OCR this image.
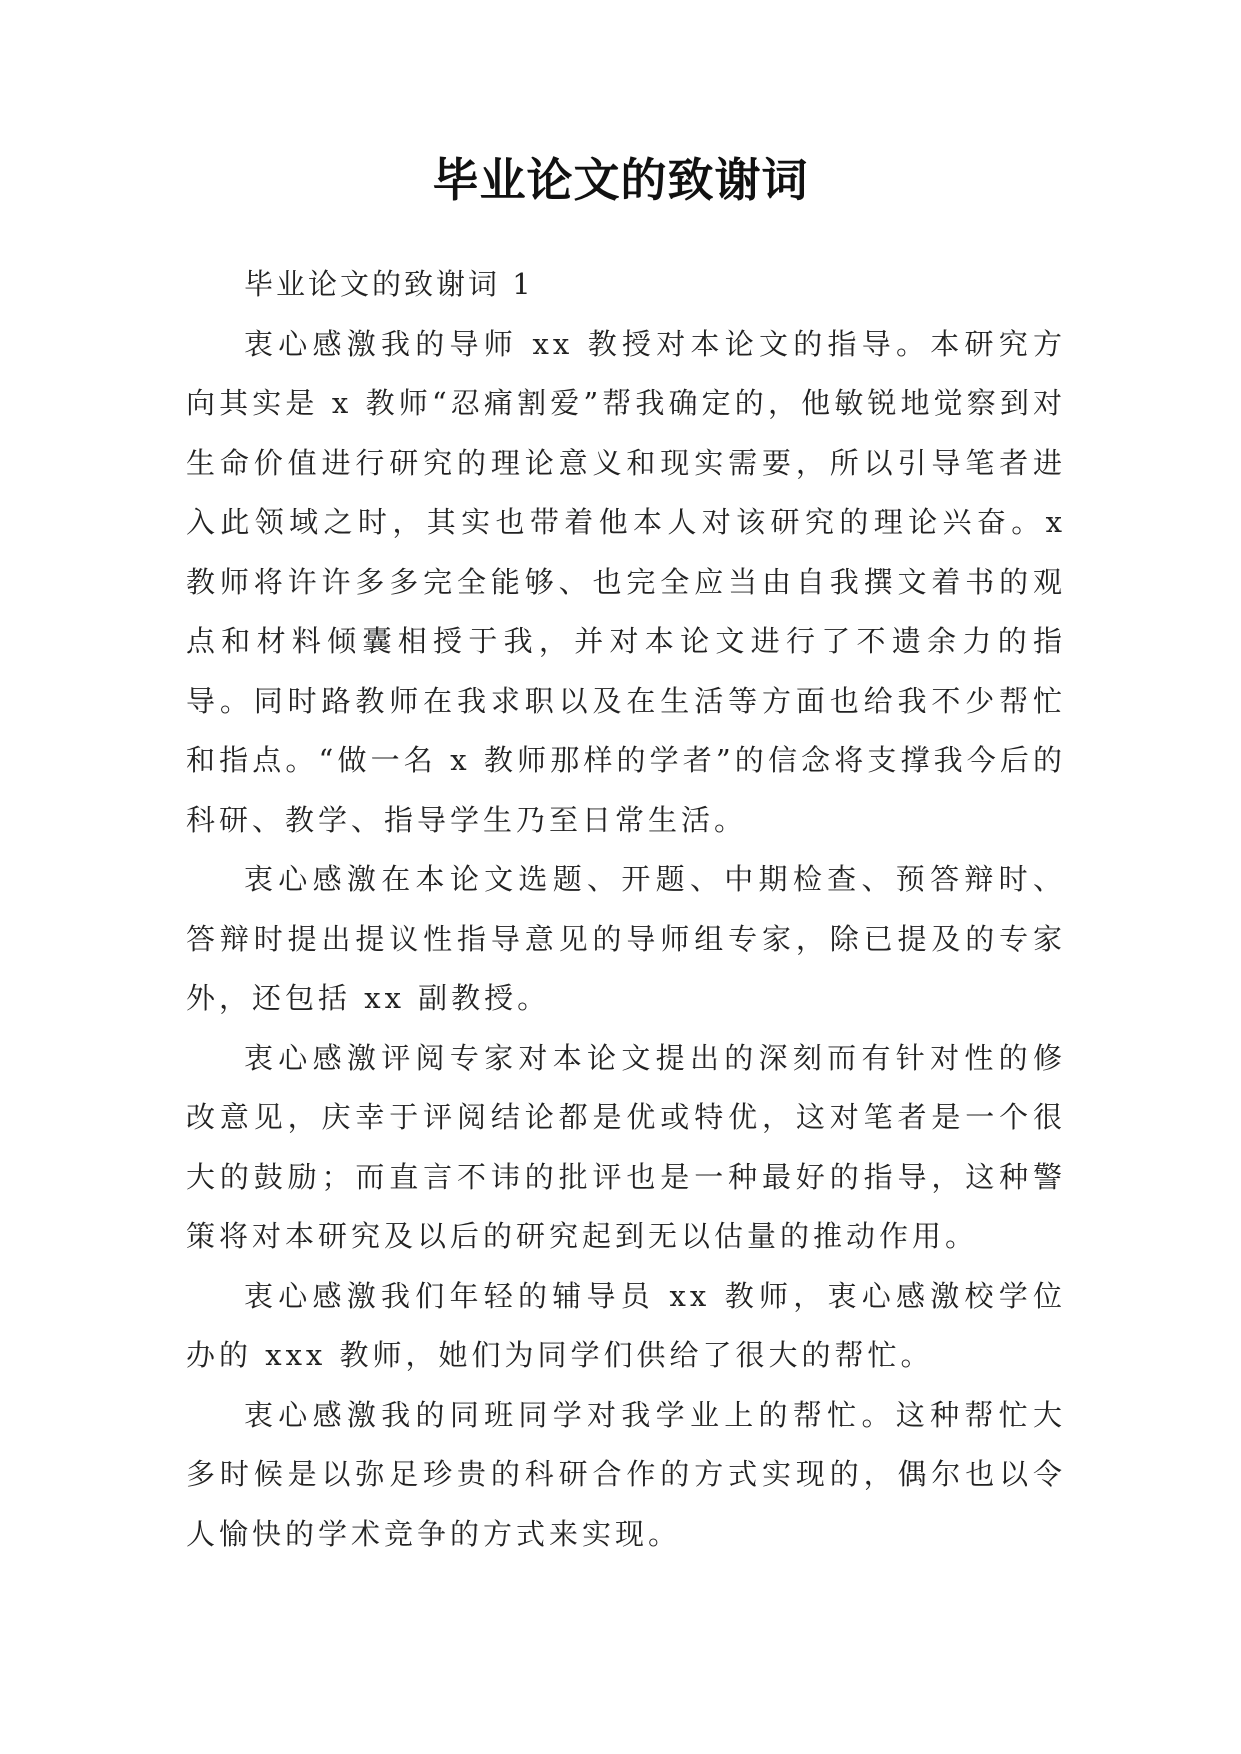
毕业论文的致谢词

毕业论文的致谢词 1

衷心感激我的导师 xx 教授对本论文的指导。本研究方向其实是 x 教师“忍痛割爱”帮我确定的，他敏锐地觉察到对生命价值进行研究的理论意义和现实需要，所以引导笔者进入此领域之时，其实也带着他本人对该研究的理论兴奋。x 教师将许许多多完全能够、也完全应当由自我撰文着书的观点和材料倾囊相授于我，并对本论文进行了不遗余力的指导。同时路教师在我求职以及在生活等方面也给我不少帮忙和指点。“做一名 x 教师那样的学者”的信念将支撑我今后的科研、教学、指导学生乃至日常生活。

衷心感激在本论文选题、开题、中期检查、预答辩时、答辩时提出提议性指导意见的导师组专家，除已提及的专家外，还包括 xx 副教授。

衷心感激评阅专家对本论文提出的深刻而有针对性的修改意见，庆幸于评阅结论都是优或特优，这对笔者是一个很大的鼓励；而直言不讳的批评也是一种最好的指导，这种警策将对本研究及以后的研究起到无以估量的推动作用。

衷心感激我们年轻的辅导员 xx 教师，衷心感激校学位办的 xxx 教师，她们为同学们供给了很大的帮忙。

衷心感激我的同班同学对我学业上的帮忙。这种帮忙大多时候是以弥足珍贵的科研合作的方式实现的，偶尔也以令人愉快的学术竞争的方式来实现。
